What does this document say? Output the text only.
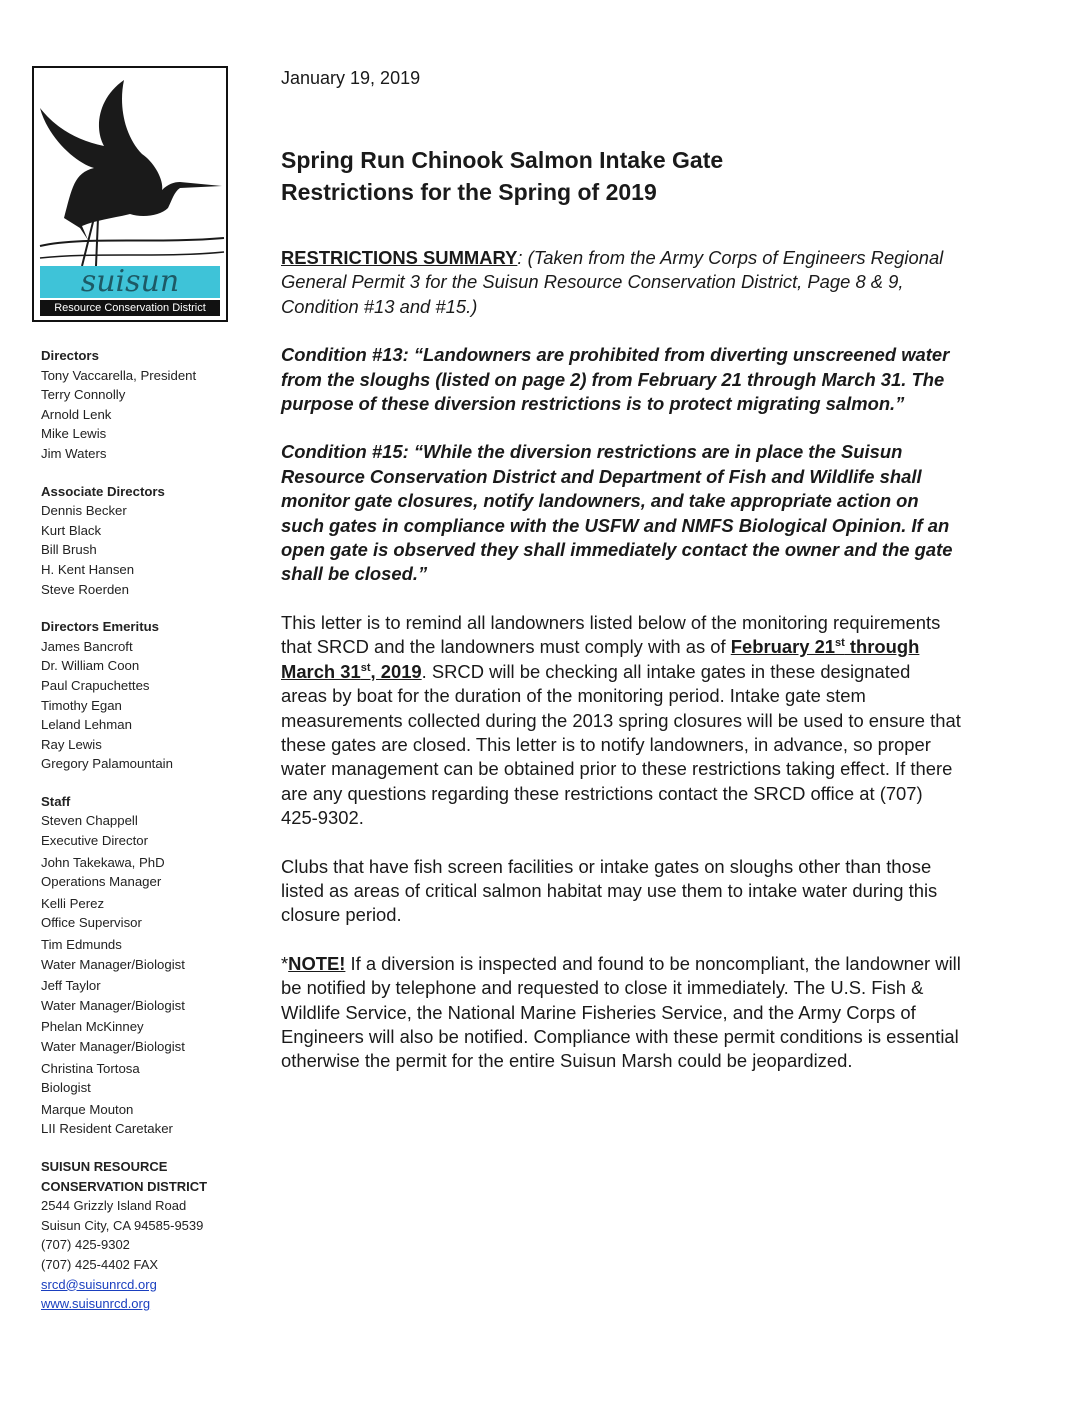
suisun
Resource Conservation District
Directors
Tony Vaccarella, President
Terry Connolly
Arnold Lenk
Mike Lewis
Jim Waters
Associate Directors
Dennis Becker
Kurt Black
Bill Brush
H. Kent Hansen
Steve Roerden
Directors Emeritus
James Bancroft
Dr. William Coon
Paul Crapuchettes
Timothy Egan
Leland Lehman
Ray Lewis
Gregory Palamountain
Staff
Steven Chappell
Executive Director
John Takekawa, PhD
Operations Manager
Kelli Perez
Office Supervisor
Tim Edmunds
Water Manager/Biologist
Jeff Taylor
Water Manager/Biologist
Phelan McKinney
Water Manager/Biologist
Christina Tortosa
Biologist
Marque Mouton
LII Resident Caretaker
SUISUN RESOURCE
CONSERVATION DISTRICT
2544 Grizzly Island Road
Suisun City, CA 94585-9539
(707) 425-9302
(707) 425-4402 FAX
srcd@suisunrcd.org
www.suisunrcd.org
January 19, 2019
Spring Run Chinook Salmon Intake Gate
Restrictions for the Spring of 2019
RESTRICTIONS SUMMARY: (Taken from the Army Corps of Engineers Regional General Permit 3 for the Suisun Resource Conservation District, Page 8 & 9, Condition #13 and #15.)
Condition #13: “Landowners are prohibited from diverting unscreened water from the sloughs (listed on page 2) from February 21 through March 31. The purpose of these diversion restrictions is to protect migrating salmon.”
Condition #15: “While the diversion restrictions are in place the Suisun Resource Conservation District and Department of Fish and Wildlife shall monitor gate closures, notify landowners, and take appropriate action on such gates in compliance with the USFW and NMFS Biological Opinion. If an open gate is observed they shall immediately contact the owner and the gate shall be closed.”
This letter is to remind all landowners listed below of the monitoring requirements that SRCD and the landowners must comply with as of February 21st through March 31st, 2019. SRCD will be checking all intake gates in these designated areas by boat for the duration of the monitoring period. Intake gate stem measurements collected during the 2013 spring closures will be used to ensure that these gates are closed. This letter is to notify landowners, in advance, so proper water management can be obtained prior to these restrictions taking effect. If there are any questions regarding these restrictions contact the SRCD office at (707) 425-9302.
Clubs that have fish screen facilities or intake gates on sloughs other than those listed as areas of critical salmon habitat may use them to intake water during this closure period.
*NOTE! If a diversion is inspected and found to be noncompliant, the landowner will be notified by telephone and requested to close it immediately. The U.S. Fish & Wildlife Service, the National Marine Fisheries Service, and the Army Corps of Engineers will also be notified. Compliance with these permit conditions is essential otherwise the permit for the entire Suisun Marsh could be jeopardized.
